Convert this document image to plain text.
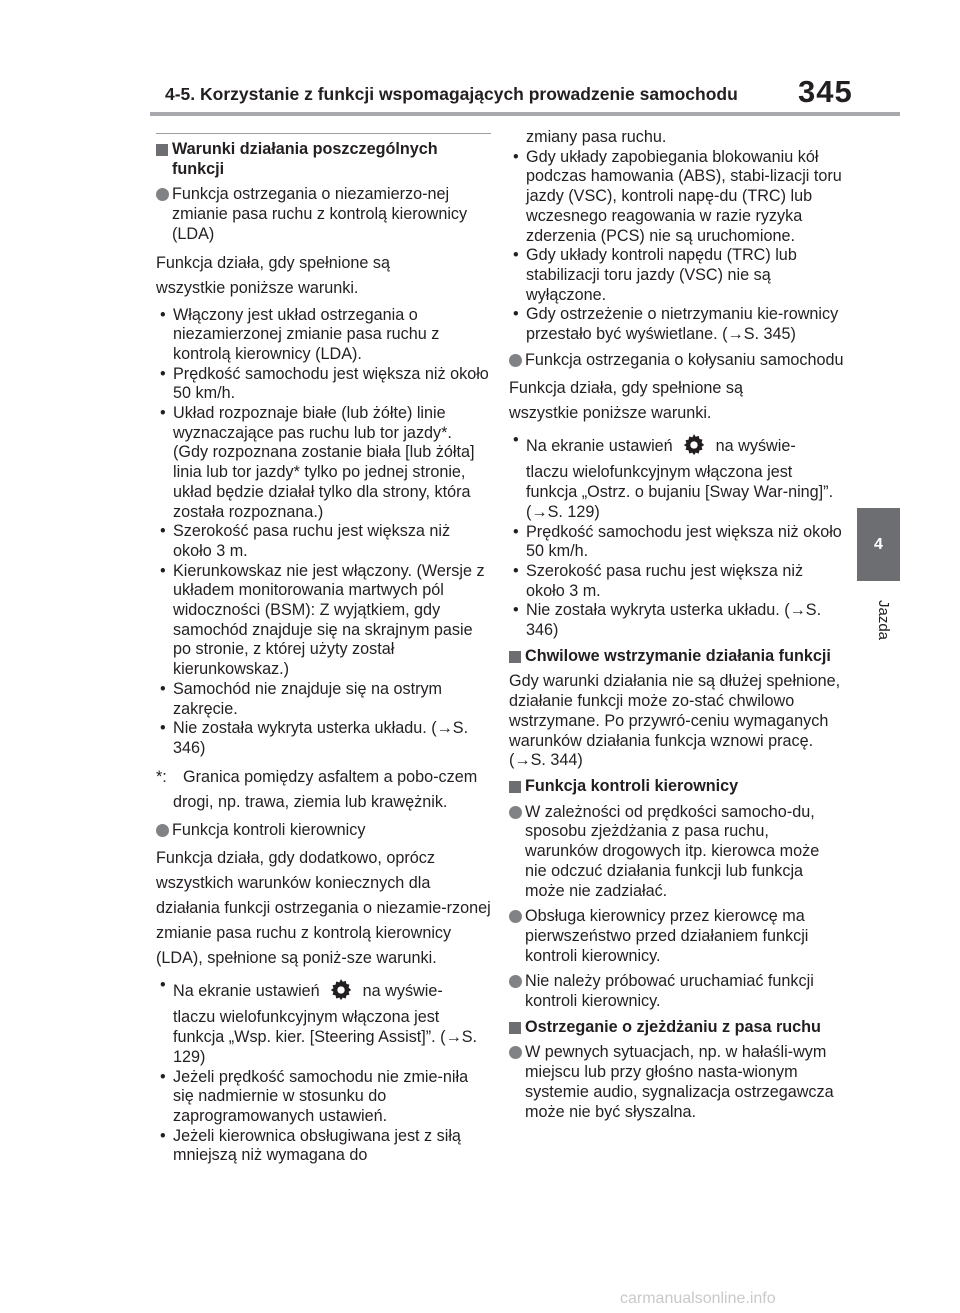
4-5. Korzystanie z funkcji wspomagających prowadzenie samochodu	345
4
Jazda
Warunki działania poszczególnych funkcji
Funkcja ostrzegania o niezamierzo-nej zmianie pasa ruchu z kontrolą kierownicy (LDA)
Funkcja działa, gdy spełnione są
wszystkie poniższe warunki.
• Włączony jest układ ostrzegania o niezamierzonej zmianie pasa ruchu z kontrolą kierownicy (LDA).
• Prędkość samochodu jest większa niż około 50 km/h.
• Układ rozpoznaje białe (lub żółte) linie wyznaczające pas ruchu lub tor jazdy*. (Gdy rozpoznana zostanie biała [lub żółta] linia lub tor jazdy* tylko po jednej stronie, układ będzie działał tylko dla strony, która została rozpoznana.)
• Szerokość pasa ruchu jest większa niż około 3 m.
• Kierunkowskaz nie jest włączony. (Wersje z układem monitorowania martwych pól widoczności (BSM): Z wyjątkiem, gdy samochód znajduje się na skrajnym pasie po stronie, z której użyty został kierunkowskaz.)
• Samochód nie znajduje się na ostrym zakręcie.
• Nie została wykryta usterka układu. (→S. 346)
*: Granica pomiędzy asfaltem a pobo-czem drogi, np. trawa, ziemia lub krawężnik.
Funkcja kontroli kierownicy
Funkcja działa, gdy dodatkowo, oprócz wszystkich warunków koniecznych dla działania funkcji ostrzegania o niezamie-rzonej zmianie pasa ruchu z kontrolą kierownicy (LDA), spełnione są poniż-sze warunki.
• Na ekranie ustawień	na wyświe-
tlaczu wielofunkcyjnym włączona jest funkcja „Wsp. kier. [Steering Assist]”. (→S. 129)
• Jeżeli prędkość samochodu nie zmie-niła się nadmiernie w stosunku do zaprogramowanych ustawień.
• Jeżeli kierownica obsługiwana jest z siłą mniejszą niż wymagana do
zmiany pasa ruchu.
• Gdy układy zapobiegania blokowaniu kół podczas hamowania (ABS), stabi-lizacji toru jazdy (VSC), kontroli napę-du (TRC) lub wczesnego reagowania w razie ryzyka zderzenia (PCS) nie są uruchomione.
• Gdy układy kontroli napędu (TRC) lub stabilizacji toru jazdy (VSC) nie są wyłączone.
• Gdy ostrzeżenie o nietrzymaniu kie-rownicy przestało być wyświetlane. (→S. 345)
Funkcja ostrzegania o kołysaniu samochodu
Funkcja działa, gdy spełnione są
wszystkie poniższe warunki.
• Na ekranie ustawień	na wyświe-
tlaczu wielofunkcyjnym włączona jest funkcja „Ostrz. o bujaniu [Sway War-ning]”. (→S. 129)
• Prędkość samochodu jest większa niż około 50 km/h.
• Szerokość pasa ruchu jest większa niż około 3 m.
• Nie została wykryta usterka układu. (→S. 346)
Chwilowe wstrzymanie działania funkcji
Gdy warunki działania nie są dłużej spełnione, działanie funkcji może zo-stać chwilowo wstrzymane. Po przywró-ceniu wymaganych warunków działania funkcja wznowi pracę. (→S. 344)
Funkcja kontroli kierownicy
W zależności od prędkości samocho-du, sposobu zjeżdżania z pasa ruchu, warunków drogowych itp. kierowca może nie odczuć działania funkcji lub funkcja może nie zadziałać.
Obsługa kierownicy przez kierowcę ma pierwszeństwo przed działaniem funkcji kontroli kierownicy.
Nie należy próbować uruchamiać funkcji kontroli kierownicy.
Ostrzeganie o zjeżdżaniu z pasa ruchu
W pewnych sytuacjach, np. w hałaśli-wym miejscu lub przy głośno nasta-wionym systemie audio, sygnalizacja ostrzegawcza może nie być słyszalna.
carmanualsonline.info
